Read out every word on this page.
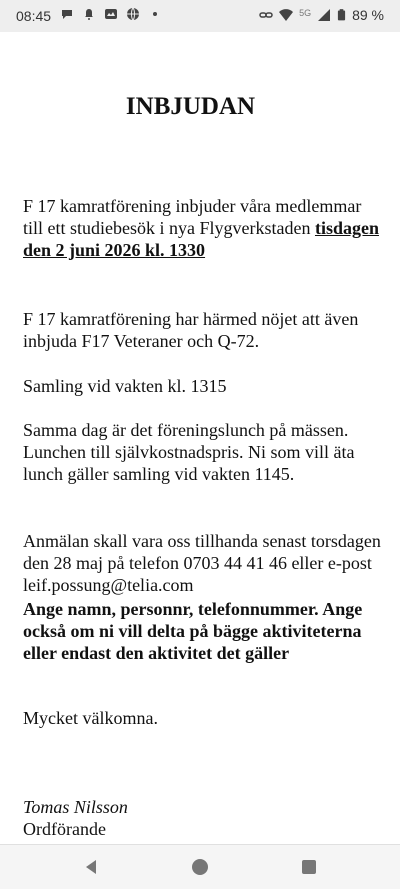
08:45	5G	89 %
INBJUDAN
F 17 kamratförening inbjuder våra medlemmar till ett studiebesök i nya Flygverkstaden tisdagen den 2 juni 2026 kl. 1330
F 17 kamratförening har härmed nöjet att även inbjuda F17 Veteraner och Q-72.
Samling vid vakten kl. 1315
Samma dag är det föreningslunch på mässen. Lunchen till självkostnadspris. Ni som vill äta lunch gäller samling vid vakten 1145.
Anmälan skall vara oss tillhanda senast torsdagen den 28 maj på telefon 0703 44 41 46 eller e-post leif.possung@telia.com
Ange namn, personnr, telefonnummer. Ange också om ni vill delta på bägge aktiviteterna eller endast den aktivitet det gäller
Mycket välkomna.
Tomas Nilsson
Ordförande
